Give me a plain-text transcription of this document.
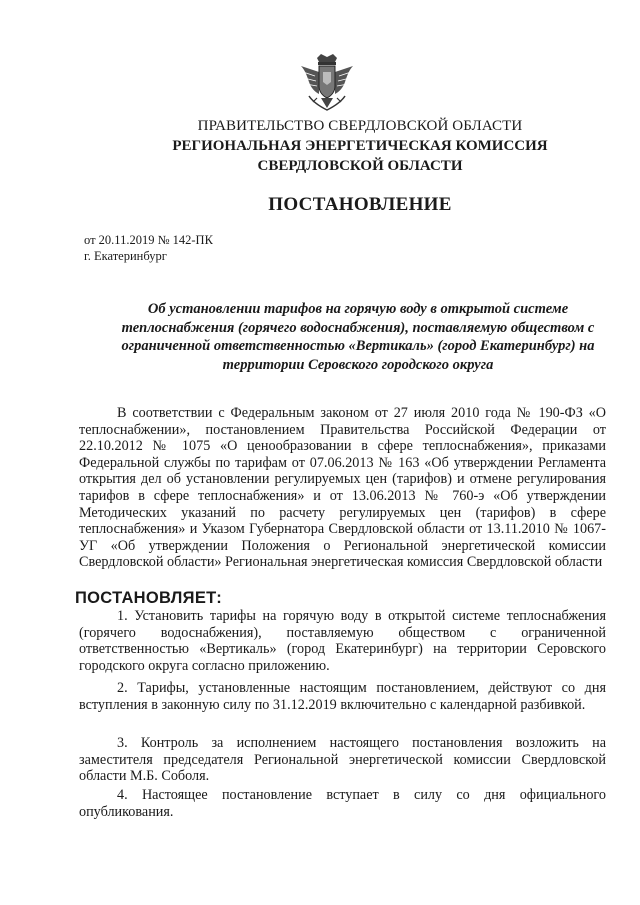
ПРАВИТЕЛЬСТВО СВЕРДЛОВСКОЙ ОБЛАСТИ

РЕГИОНАЛЬНАЯ ЭНЕРГЕТИЧЕСКАЯ КОМИССИЯ

СВЕРДЛОВСКОЙ ОБЛАСТИ

ПОСТАНОВЛЕНИЕ

от 20.11.2019 № 142-ПК

г. Екатеринбург

Об установлении тарифов на горячую воду в открытой системе теплоснабжения (горячего водоснабжения), поставляемую обществом с ограниченной ответственностью «Вертикаль» (город Екатеринбург) на территории Серовского городского округа

В соответствии с Федеральным законом от 27 июля 2010 года № 190-ФЗ «О теплоснабжении», постановлением Правительства Российской Федерации от 22.10.2012 № 1075 «О ценообразовании в сфере теплоснабжения», приказами Федеральной службы по тарифам от 07.06.2013 № 163 «Об утверждении Регламента открытия дел об установлении регулируемых цен (тарифов) и отмене регулирования тарифов в сфере теплоснабжения» и от 13.06.2013 № 760-э «Об утверждении Методических указаний по расчету регулируемых цен (тарифов) в сфере теплоснабжения» и Указом Губернатора Свердловской области от 13.11.2010 № 1067-УГ «Об утверждении Положения о Региональной энергетической комиссии Свердловской области» Региональная энергетическая комиссия Свердловской области

ПОСТАНОВЛЯЕТ:

1. Установить тарифы на горячую воду в открытой системе теплоснабжения (горячего водоснабжения), поставляемую обществом с ограниченной ответственностью «Вертикаль» (город Екатеринбург) на территории Серовского городского округа согласно приложению.

2. Тарифы, установленные настоящим постановлением, действуют со дня вступления в законную силу по 31.12.2019 включительно с календарной разбивкой.

3. Контроль за исполнением настоящего постановления возложить на заместителя председателя Региональной энергетической комиссии Свердловской области М.Б. Соболя.

4. Настоящее постановление вступает в силу со дня официального опубликования.
